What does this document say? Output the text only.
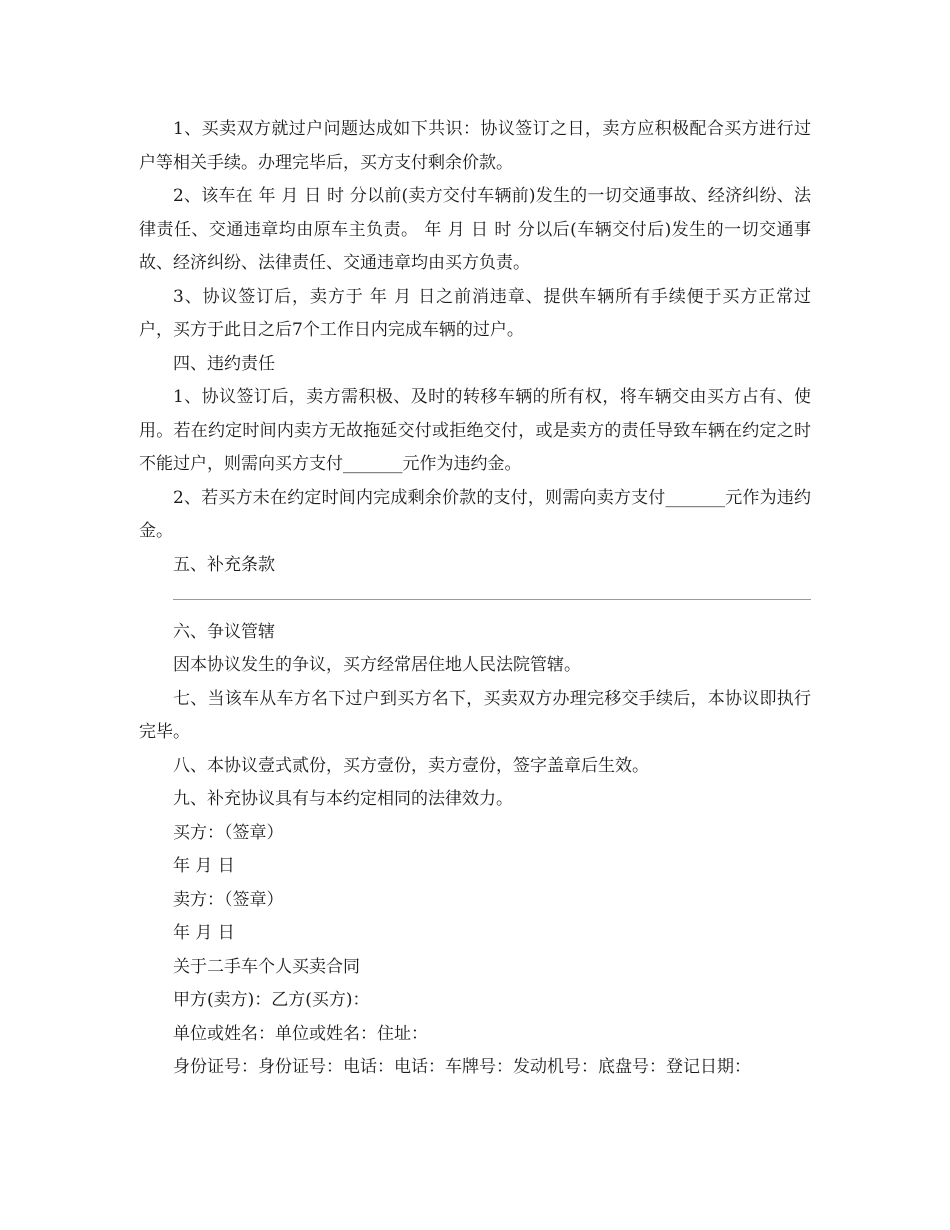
1、买卖双方就过户问题达成如下共识：协议签订之日，卖方应积极配合买方进行过户等相关手续。办理完毕后，买方支付剩余价款。

2、该车在 年 月 日 时 分以前(卖方交付车辆前)发生的一切交通事故、经济纠纷、法律责任、交通违章均由原车主负责。 年 月 日 时 分以后(车辆交付后)发生的一切交通事故、经济纠纷、法律责任、交通违章均由买方负责。

3、协议签订后，卖方于 年 月 日之前消违章、提供车辆所有手续便于买方正常过户，买方于此日之后7个工作日内完成车辆的过户。

四、违约责任

1、协议签订后，卖方需积极、及时的转移车辆的所有权，将车辆交由买方占有、使用。若在约定时间内卖方无故拖延交付或拒绝交付，或是卖方的责任导致车辆在约定之时不能过户，则需向买方支付_______元作为违约金。

2、若买方未在约定时间内完成剩余价款的支付，则需向卖方支付_______元作为违约金。

五、补充条款

六、争议管辖

因本协议发生的争议，买方经常居住地人民法院管辖。

七、当该车从车方名下过户到买方名下，买卖双方办理完移交手续后，本协议即执行完毕。

八、本协议壹式贰份，买方壹份，卖方壹份，签字盖章后生效。

九、补充协议具有与本约定相同的法律效力。

买方：（签章）

年 月 日

卖方：（签章）

年 月 日

关于二手车个人买卖合同

甲方(卖方)：乙方(买方)：

单位或姓名：单位或姓名：住址：

身份证号：身份证号：电话：电话：车牌号：发动机号：底盘号：登记日期：
